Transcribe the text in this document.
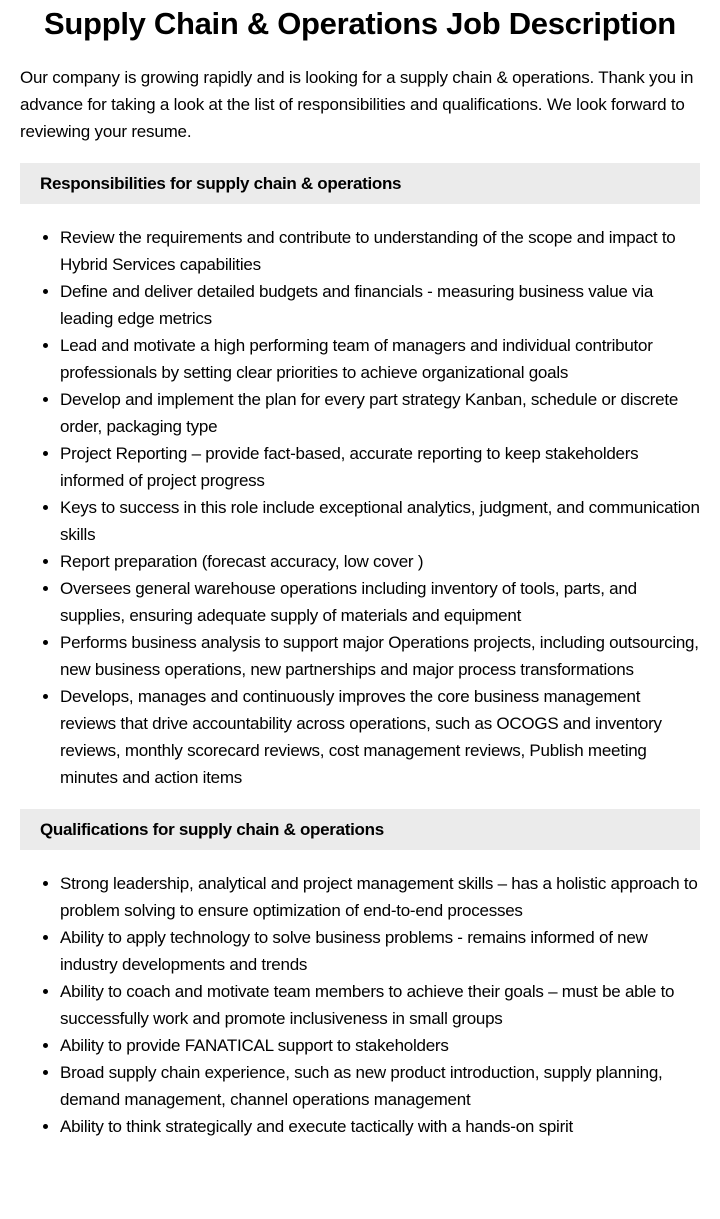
Supply Chain & Operations Job Description

Our company is growing rapidly and is looking for a supply chain & operations. Thank you in advance for taking a look at the list of responsibilities and qualifications. We look forward to reviewing your resume.

Responsibilities for supply chain & operations
• Review the requirements and contribute to understanding of the scope and impact to Hybrid Services capabilities
• Define and deliver detailed budgets and financials - measuring business value via leading edge metrics
• Lead and motivate a high performing team of managers and individual contributor professionals by setting clear priorities to achieve organizational goals
• Develop and implement the plan for every part strategy Kanban, schedule or discrete order, packaging type
• Project Reporting – provide fact-based, accurate reporting to keep stakeholders informed of project progress
• Keys to success in this role include exceptional analytics, judgment, and communication skills
• Report preparation (forecast accuracy, low cover )
• Oversees general warehouse operations including inventory of tools, parts, and supplies, ensuring adequate supply of materials and equipment
• Performs business analysis to support major Operations projects, including outsourcing, new business operations, new partnerships and major process transformations
• Develops, manages and continuously improves the core business management reviews that drive accountability across operations, such as OCOGS and inventory reviews, monthly scorecard reviews, cost management reviews, Publish meeting minutes and action items
Qualifications for supply chain & operations
• Strong leadership, analytical and project management skills – has a holistic approach to problem solving to ensure optimization of end-to-end processes
• Ability to apply technology to solve business problems - remains informed of new industry developments and trends
• Ability to coach and motivate team members to achieve their goals – must be able to successfully work and promote inclusiveness in small groups
• Ability to provide FANATICAL support to stakeholders
• Broad supply chain experience, such as new product introduction, supply planning, demand management, channel operations management
• Ability to think strategically and execute tactically with a hands-on spirit
